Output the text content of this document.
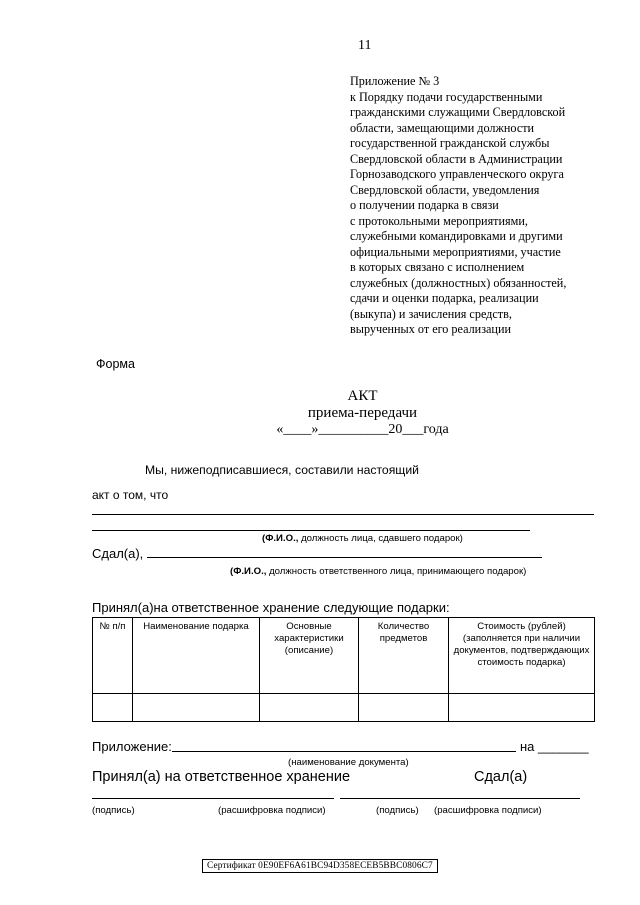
11
Приложение № 3
к Порядку подачи государственными
гражданскими служащими Свердловской
области, замещающими должности
государственной гражданской службы
Свердловской области в Администрации
Горнозаводского управленческого округа
Свердловской области, уведомления
о получении подарка в связи
с протокольными мероприятиями,
служебными командировками и другими
официальными мероприятиями, участие
в которых связано с исполнением
служебных (должностных) обязанностей,
сдачи и оценки подарка, реализации
(выкупа) и зачисления средств,
вырученных от его реализации
Форма
АКТ
приема-передачи
«____»__________20___года
Мы, нижеподписавшиеся, составили настоящий
акт о том, что
(Ф.И.О., должность лица, сдавшего подарок)
Сдал(а),
(Ф.И.О., должность ответственного лица, принимающего подарок)
Принял(а)на ответственное хранение следующие подарки:
№ п/п	Наименование подарка	Основные характеристики (описание)	Количество предметов	Стоимость (рублей) (заполняется при наличии документов, подтверждающих стоимость подарка)

Приложение:	на _______
(наименование документа)
Принял(а) на ответственное хранение	Сдал(а)
(подпись)	(расшифровка подписи)	(подпись) (расшифровка подписи)
Сертификат 0E90EF6A61BC94D358ECEB5BBC0806C7
